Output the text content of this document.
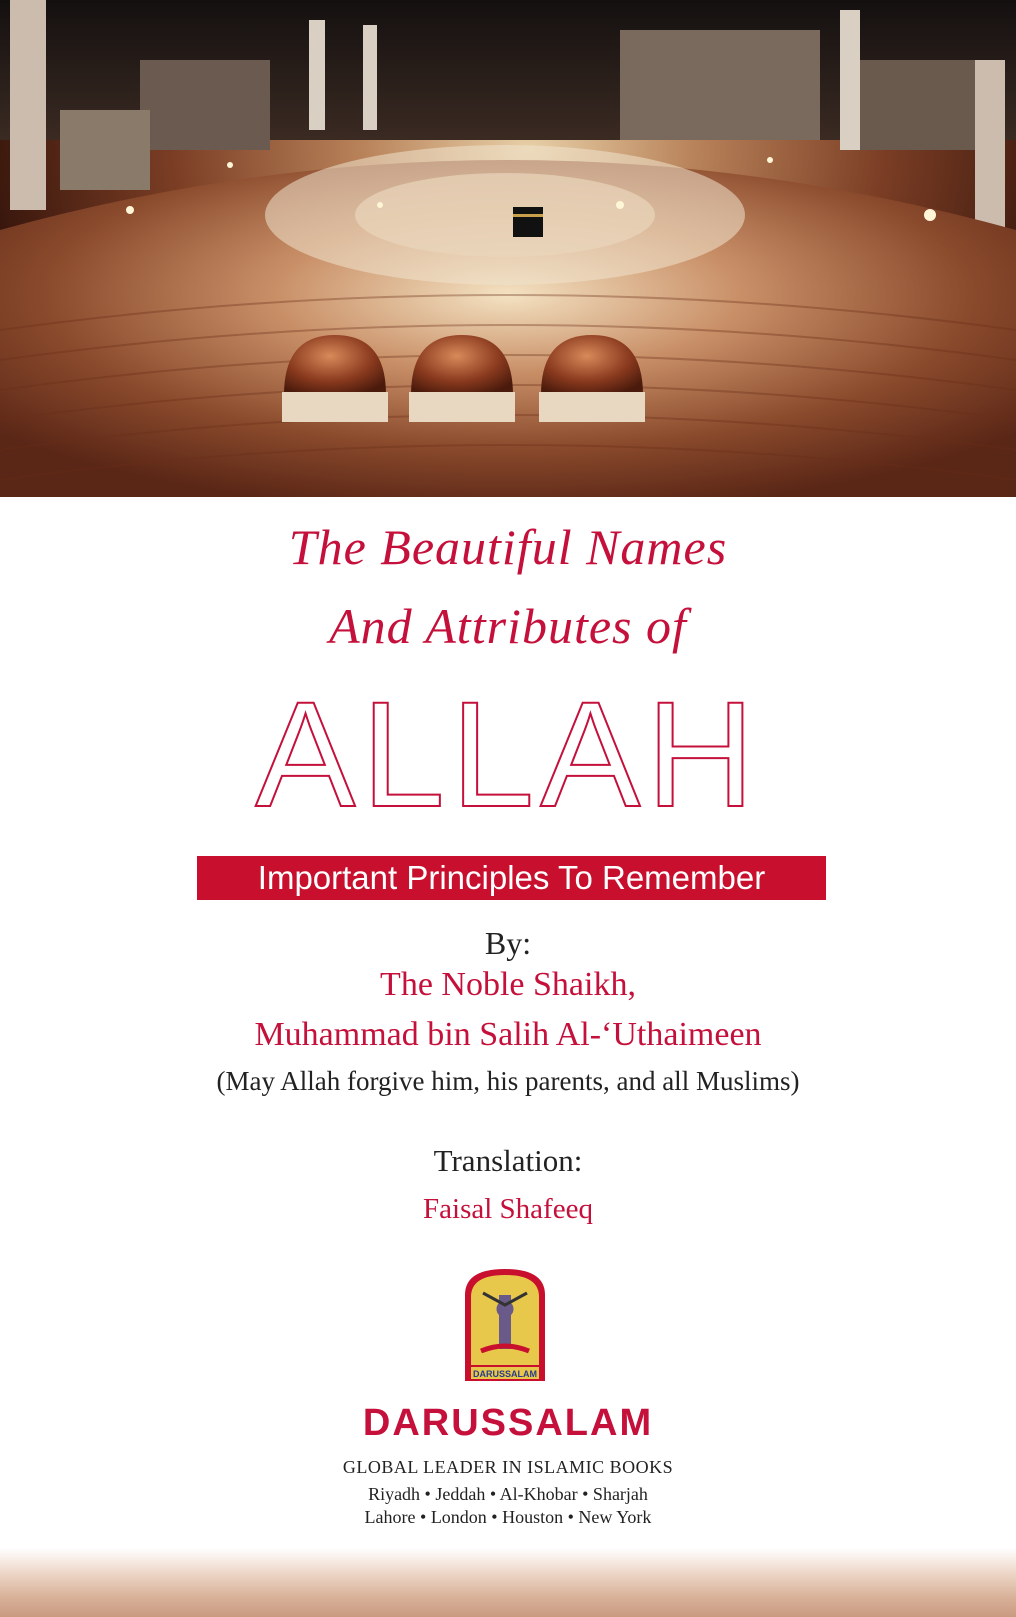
The Beautiful Names
And Attributes of
ALLAH
Important Principles To Remember
By:
The Noble Shaikh,
Muhammad bin Salih Al-‘Uthaimeen
(May Allah forgive him, his parents, and all Muslims)
Translation:
Faisal Shafeeq
DARUSSALAM
DARUSSALAM
GLOBAL LEADER IN ISLAMIC BOOKS
Riyadh • Jeddah • Al-Khobar • Sharjah
Lahore • London • Houston • New York
